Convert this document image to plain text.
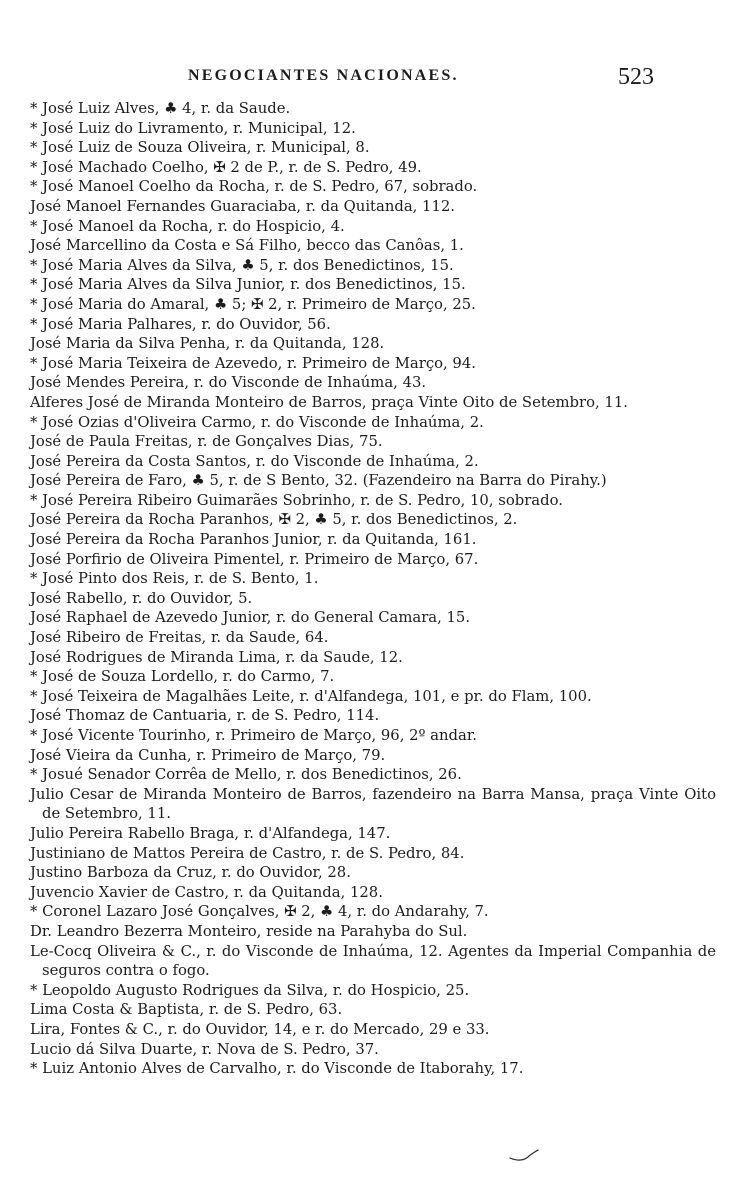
NEGOCIANTES NACIONAES.	523
* José Luiz Alves, ♣ 4, r. da Saude.
* José Luiz do Livramento, r. Municipal, 12.
* José Luiz de Souza Oliveira, r. Municipal, 8.
* José Machado Coelho, ✠ 2 de P., r. de S. Pedro, 49.
* José Manoel Coelho da Rocha, r. de S. Pedro, 67, sobrado.
José Manoel Fernandes Guaraciaba, r. da Quitanda, 112.
* José Manoel da Rocha, r. do Hospicio, 4.
José Marcellino da Costa e Sá Filho, becco das Canôas, 1.
* José Maria Alves da Silva, ♣ 5, r. dos Benedictinos, 15.
* José Maria Alves da Silva Junior, r. dos Benedictinos, 15.
* José Maria do Amaral, ♣ 5; ✠ 2, r. Primeiro de Março, 25.
* José Maria Palhares, r. do Ouvidor, 56.
José Maria da Silva Penha, r. da Quitanda, 128.
* José Maria Teixeira de Azevedo, r. Primeiro de Março, 94.
José Mendes Pereira, r. do Visconde de Inhaúma, 43.
Alferes José de Miranda Monteiro de Barros, praça Vinte Oito de Setembro, 11.
* José Ozias d'Oliveira Carmo, r. do Visconde de Inhaúma, 2.
José de Paula Freitas, r. de Gonçalves Dias, 75.
José Pereira da Costa Santos, r. do Visconde de Inhaúma, 2.
José Pereira de Faro, ♣ 5, r. de S Bento, 32. (Fazendeiro na Barra do Pirahy.)
* José Pereira Ribeiro Guimarães Sobrinho, r. de S. Pedro, 10, sobrado.
José Pereira da Rocha Paranhos, ✠ 2, ♣ 5, r. dos Benedictinos, 2.
José Pereira da Rocha Paranhos Junior, r. da Quitanda, 161.
José Porfirio de Oliveira Pimentel, r. Primeiro de Março, 67.
* José Pinto dos Reis, r. de S. Bento, 1.
José Rabello, r. do Ouvidor, 5.
José Raphael de Azevedo Junior, r. do General Camara, 15.
José Ribeiro de Freitas, r. da Saude, 64.
José Rodrigues de Miranda Lima, r. da Saude, 12.
* José de Souza Lordello, r. do Carmo, 7.
* José Teixeira de Magalhães Leite, r. d'Alfandega, 101, e pr. do Flam, 100.
José Thomaz de Cantuaria, r. de S. Pedro, 114.
* José Vicente Tourinho, r. Primeiro de Março, 96, 2º andar.
José Vieira da Cunha, r. Primeiro de Março, 79.
* Josué Senador Corrêa de Mello, r. dos Benedictinos, 26.
Julio Cesar de Miranda Monteiro de Barros, fazendeiro na Barra Mansa, praça Vinte Oito de Setembro, 11.
Julio Pereira Rabello Braga, r. d'Alfandega, 147.
Justiniano de Mattos Pereira de Castro, r. de S. Pedro, 84.
Justino Barboza da Cruz, r. do Ouvidor, 28.
Juvencio Xavier de Castro, r. da Quitanda, 128.
* Coronel Lazaro José Gonçalves, ✠ 2, ♣ 4, r. do Andarahy, 7.
Dr. Leandro Bezerra Monteiro, reside na Parahyba do Sul.
Le-Cocq Oliveira & C., r. do Visconde de Inhaúma, 12. Agentes da Imperial Companhia de seguros contra o fogo.
* Leopoldo Augusto Rodrigues da Silva, r. do Hospicio, 25.
Lima Costa & Baptista, r. de S. Pedro, 63.
Lira, Fontes & C., r. do Ouvidor, 14, e r. do Mercado, 29 e 33.
Lucio dá Silva Duarte, r. Nova de S. Pedro, 37.
* Luiz Antonio Alves de Carvalho, r. do Visconde de Itaborahy, 17.
